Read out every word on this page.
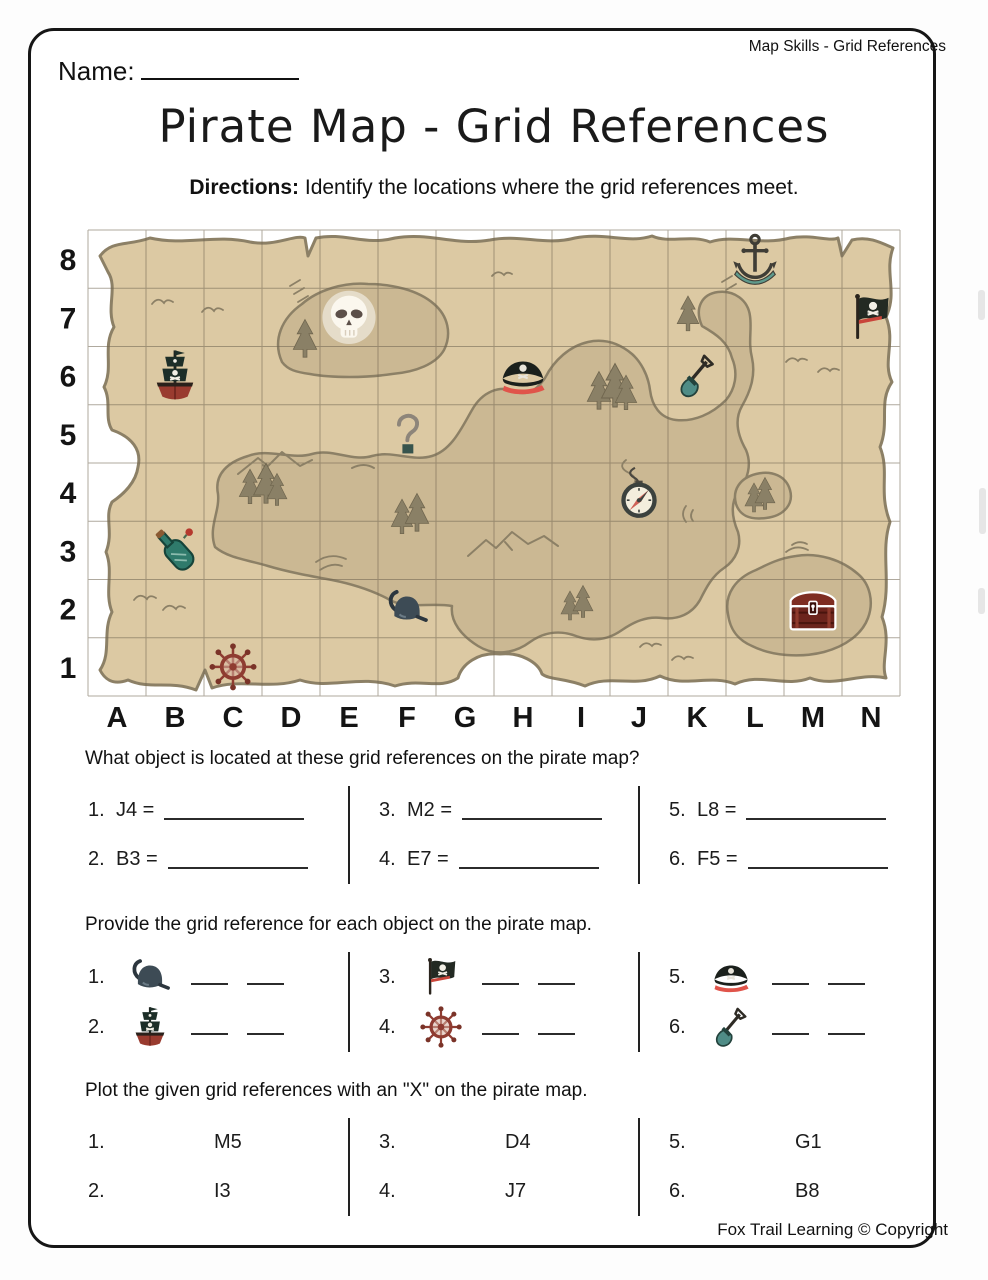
Map Skills - Grid References
Name:
Pirate Map - Grid References

Directions: Identify the locations where the grid references meet.

A B C D E F G H I J K L M N
8
7
6
5
4
3
2
1
What object is located at these grid references on the pirate map?
1. J4 =
2. B3 =
3. M2 =
4. E7 =
5. L8 =
6. F5 =
Provide the grid reference for each object on the pirate map.
1.
2.
3.
4.
5.
6.
Plot the given grid references with an "X" on the pirate map.
1.	M5
2.	I3
3.	D4
4.	J7
5.	G1
6.	B8
Fox Trail Learning © Copyright
